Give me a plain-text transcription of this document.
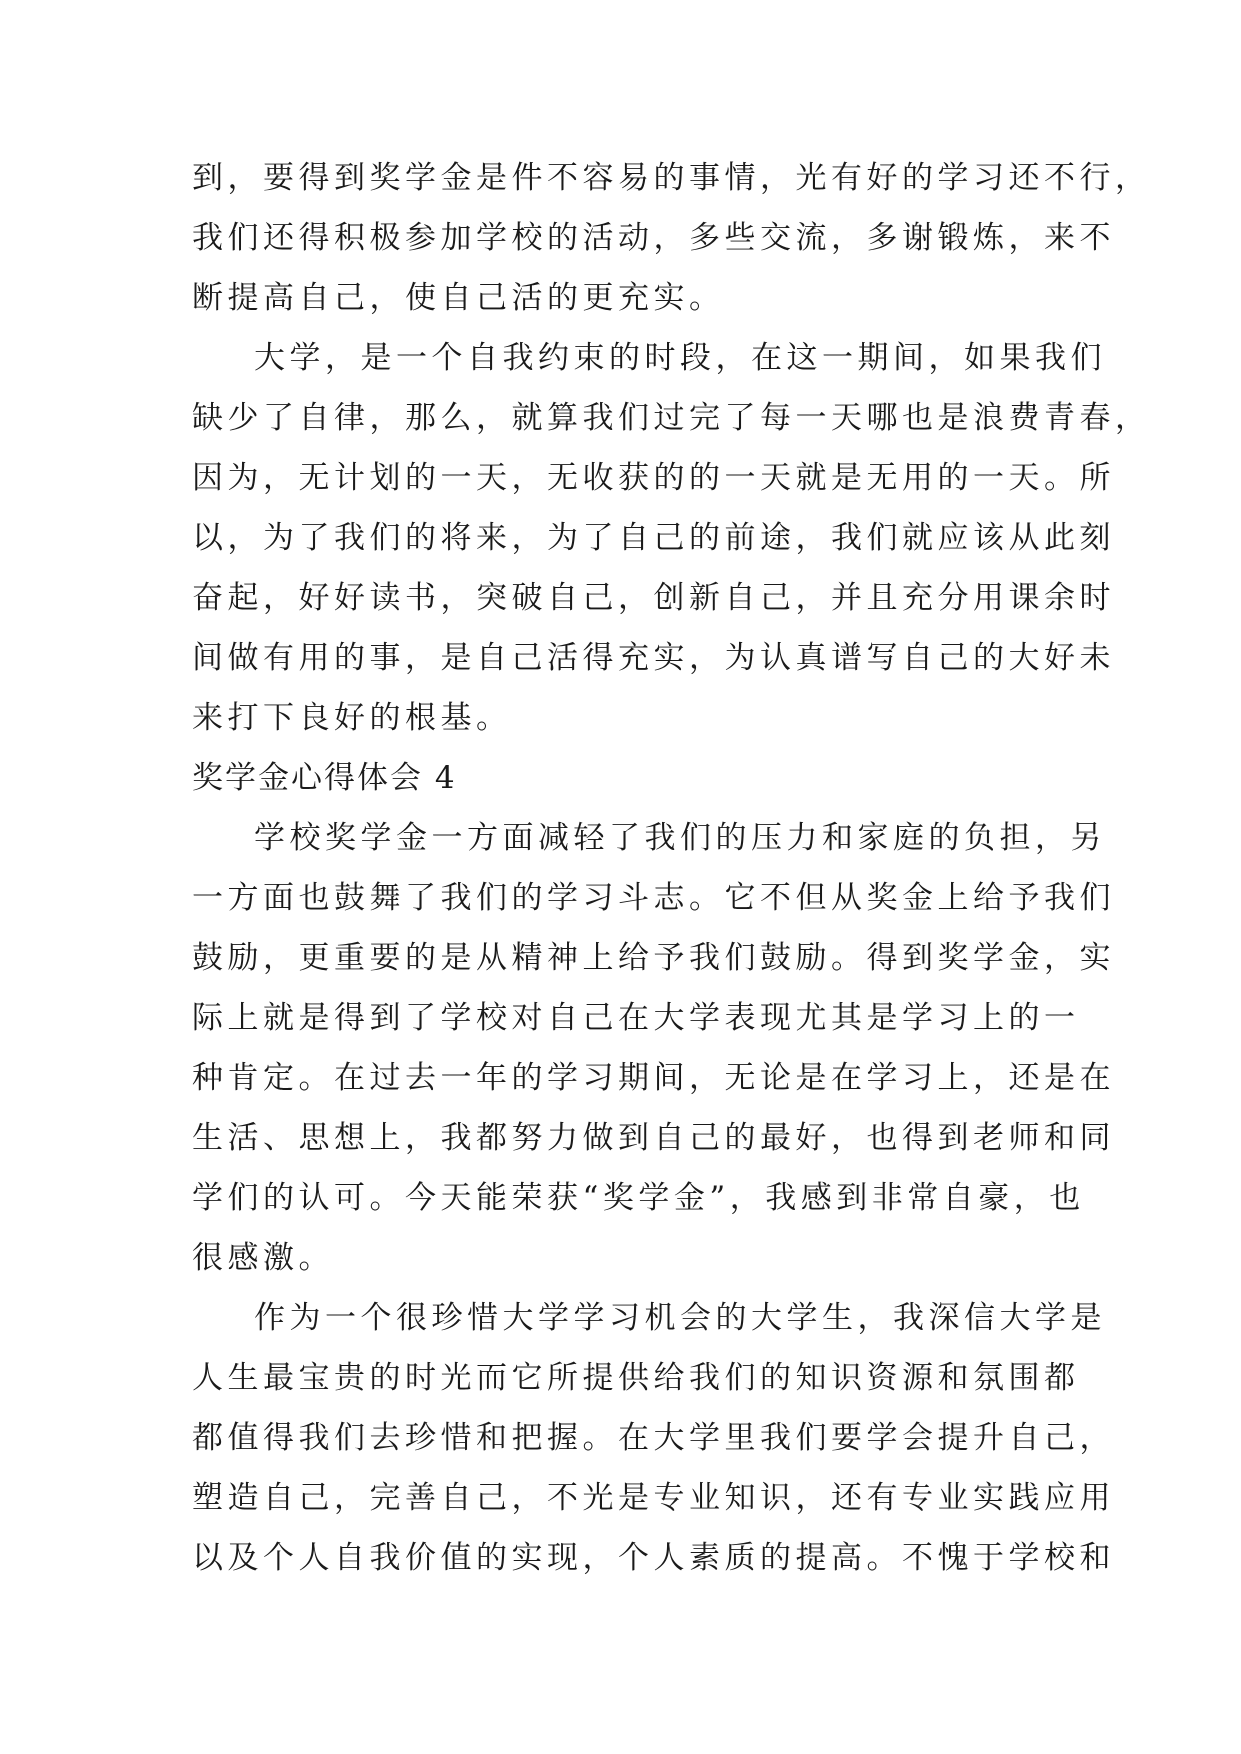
到，要得到奖学金是件不容易的事情，光有好的学习还不行，
我们还得积极参加学校的活动，多些交流，多谢锻炼，来不
断提高自己，使自己活的更充实。
大学，是一个自我约束的时段，在这一期间，如果我们
缺少了自律，那么，就算我们过完了每一天哪也是浪费青春，
因为，无计划的一天，无收获的的一天就是无用的一天。所
以，为了我们的将来，为了自己的前途，我们就应该从此刻
奋起，好好读书，突破自己，创新自己，并且充分用课余时
间做有用的事，是自己活得充实，为认真谱写自己的大好未
来打下良好的根基。
奖学金心得体会 4
学校奖学金一方面减轻了我们的压力和家庭的负担，另
一方面也鼓舞了我们的学习斗志。它不但从奖金上给予我们
鼓励，更重要的是从精神上给予我们鼓励。得到奖学金，实
际上就是得到了学校对自己在大学表现尤其是学习上的一
种肯定。在过去一年的学习期间，无论是在学习上，还是在
生活、思想上，我都努力做到自己的最好，也得到老师和同
学们的认可。今天能荣获“奖学金”，我感到非常自豪，也
很感激。
作为一个很珍惜大学学习机会的大学生，我深信大学是
人生最宝贵的时光而它所提供给我们的知识资源和氛围都
都值得我们去珍惜和把握。在大学里我们要学会提升自己，
塑造自己，完善自己，不光是专业知识，还有专业实践应用
以及个人自我价值的实现，个人素质的提高。不愧于学校和
